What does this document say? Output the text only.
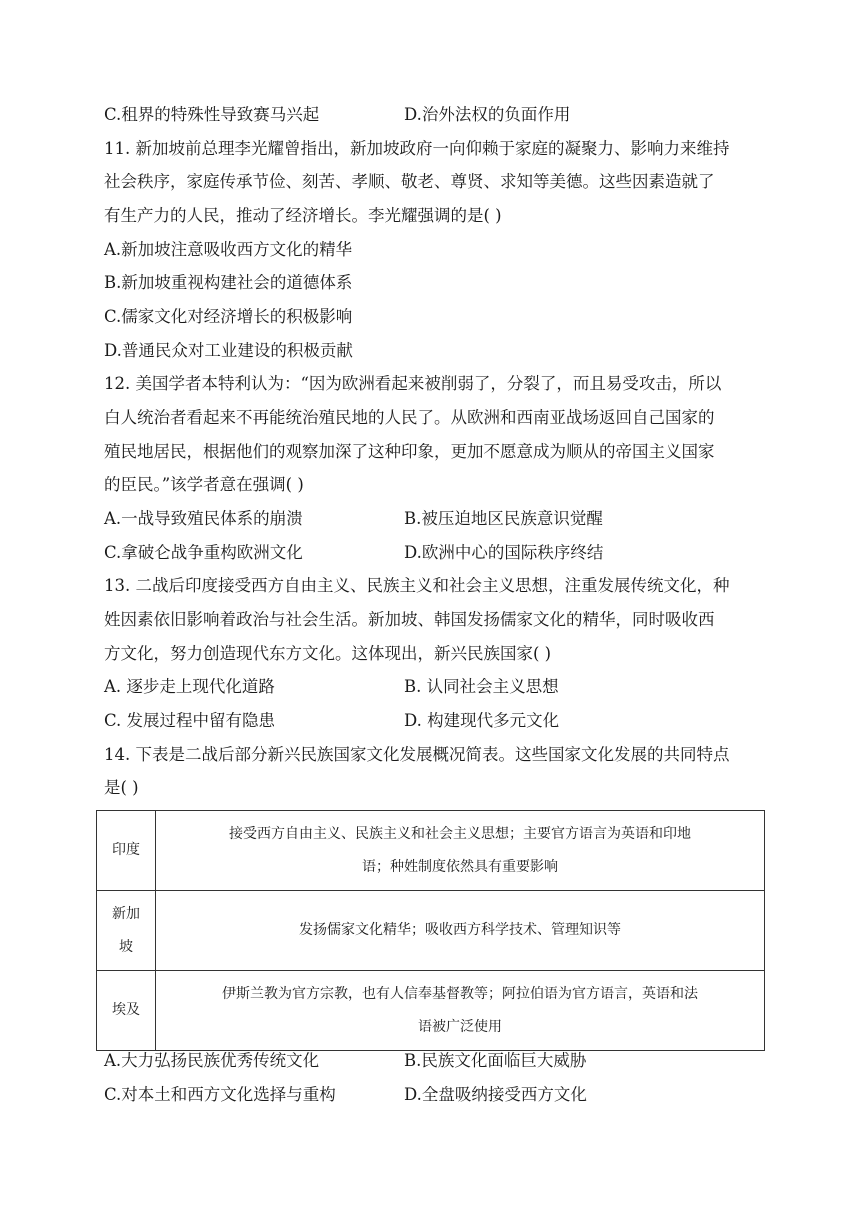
C.租界的特殊性导致赛马兴起	D.治外法权的负面作用
11. 新加坡前总理李光耀曾指出，新加坡政府一向仰赖于家庭的凝聚力、影响力来维持
社会秩序，家庭传承节俭、刻苦、孝顺、敬老、尊贤、求知等美德。这些因素造就了
有生产力的人民，推动了经济增长。李光耀强调的是( )
A.新加坡注意吸收西方文化的精华
B.新加坡重视构建社会的道德体系
C.儒家文化对经济增长的积极影响
D.普通民众对工业建设的积极贡献
12. 美国学者本特利认为：“因为欧洲看起来被削弱了，分裂了，而且易受攻击，所以
白人统治者看起来不再能统治殖民地的人民了。从欧洲和西南亚战场返回自己国家的
殖民地居民，根据他们的观察加深了这种印象，更加不愿意成为顺从的帝国主义国家
的臣民。”该学者意在强调( )
A.一战导致殖民体系的崩溃	B.被压迫地区民族意识觉醒
C.拿破仑战争重构欧洲文化	D.欧洲中心的国际秩序终结
13. 二战后印度接受西方自由主义、民族主义和社会主义思想，注重发展传统文化，种
姓因素依旧影响着政治与社会生活。新加坡、韩国发扬儒家文化的精华，同时吸收西
方文化，努力创造现代东方文化。这体现出，新兴民族国家( )
A. 逐步走上现代化道路	B. 认同社会主义思想
C. 发展过程中留有隐患	D. 构建现代多元文化
14. 下表是二战后部分新兴民族国家文化发展概况简表。这些国家文化发展的共同特点
是( )
印度	接受西方自由主义、民族主义和社会主义思想；主要官方语言为英语和印地
语；种姓制度依然具有重要影响

新加
坡	发扬儒家文化精华；吸收西方科学技术、管理知识等

埃及	伊斯兰教为官方宗教，也有人信奉基督教等；阿拉伯语为官方语言，英语和法
语被广泛使用
A.大力弘扬民族优秀传统文化	B.民族文化面临巨大威胁
C.对本土和西方文化选择与重构	D.全盘吸纳接受西方文化
